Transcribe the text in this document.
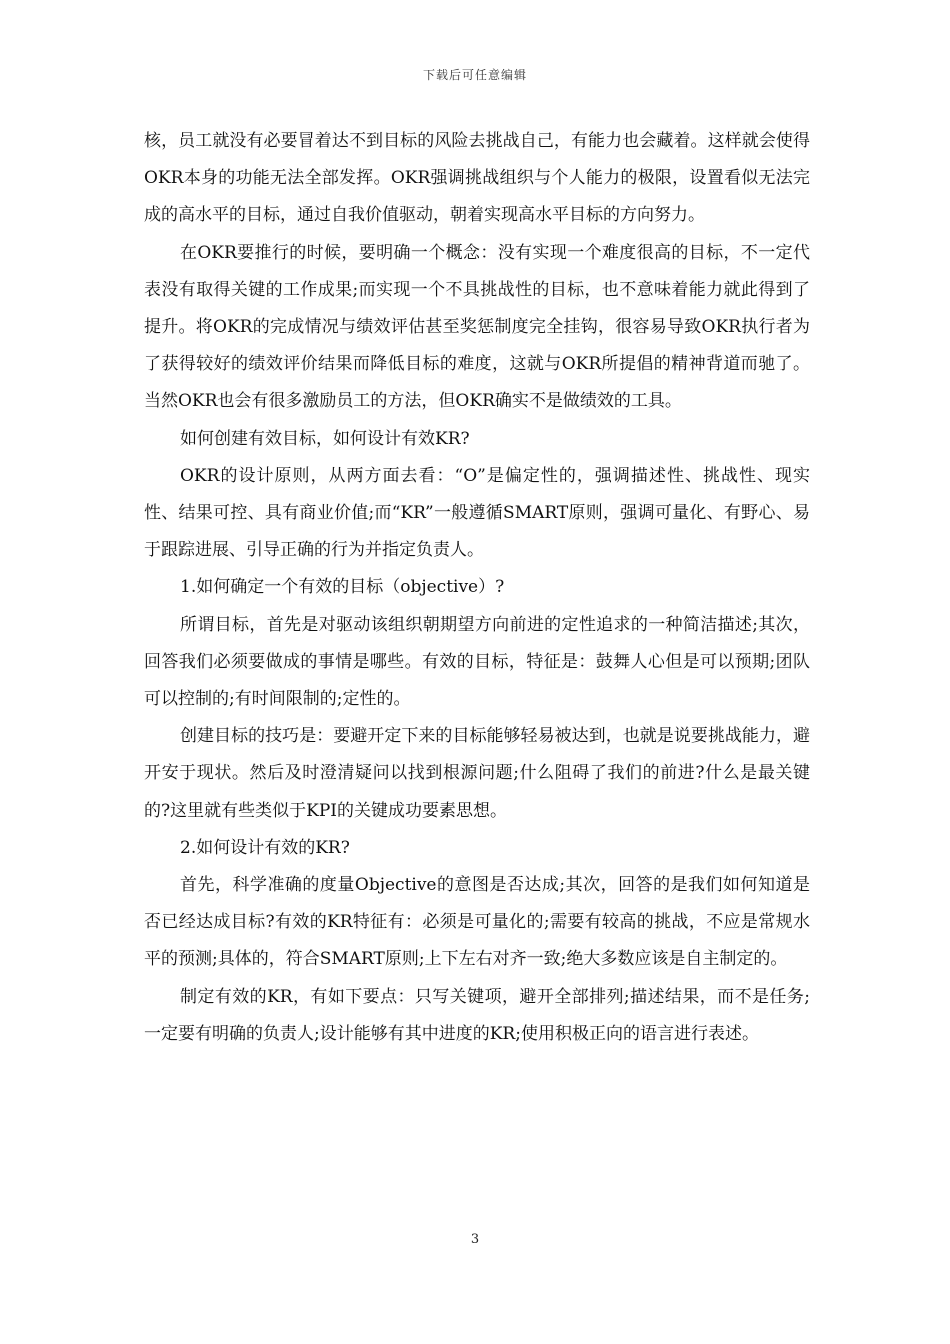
下载后可任意编辑

核，员工就没有必要冒着达不到目标的风险去挑战自己，有能力也会藏着。这样就会使得OKR本身的功能无法全部发挥。OKR强调挑战组织与个人能力的极限，设置看似无法完成的高水平的目标，通过自我价值驱动，朝着实现高水平目标的方向努力。

在OKR要推行的时候，要明确一个概念：没有实现一个难度很高的目标，不一定代表没有取得关键的工作成果;而实现一个不具挑战性的目标，也不意味着能力就此得到了提升。将OKR的完成情况与绩效评估甚至奖惩制度完全挂钩，很容易导致OKR执行者为了获得较好的绩效评价结果而降低目标的难度，这就与OKR所提倡的精神背道而驰了。当然OKR也会有很多激励员工的方法，但OKR确实不是做绩效的工具。

如何创建有效目标，如何设计有效KR?

OKR的设计原则，从两方面去看：“O”是偏定性的，强调描述性、挑战性、现实性、结果可控、具有商业价值;而“KR”一般遵循SMART原则，强调可量化、有野心、易于跟踪进展、引导正确的行为并指定负责人。

1.如何确定一个有效的目标（objective）?

所谓目标，首先是对驱动该组织朝期望方向前进的定性追求的一种简洁描述;其次，回答我们必须要做成的事情是哪些。有效的目标，特征是：鼓舞人心但是可以预期;团队可以控制的;有时间限制的;定性的。

创建目标的技巧是：要避开定下来的目标能够轻易被达到，也就是说要挑战能力，避开安于现状。然后及时澄清疑问以找到根源问题;什么阻碍了我们的前进?什么是最关键的?这里就有些类似于KPI的关键成功要素思想。

2.如何设计有效的KR?

首先，科学准确的度量Objective的意图是否达成;其次，回答的是我们如何知道是否已经达成目标?有效的KR特征有：必须是可量化的;需要有较高的挑战，不应是常规水平的预测;具体的，符合SMART原则;上下左右对齐一致;绝大多数应该是自主制定的。

制定有效的KR，有如下要点：只写关键项，避开全部排列;描述结果，而不是任务;一定要有明确的负责人;设计能够有其中进度的KR;使用积极正向的语言进行表述。

3
